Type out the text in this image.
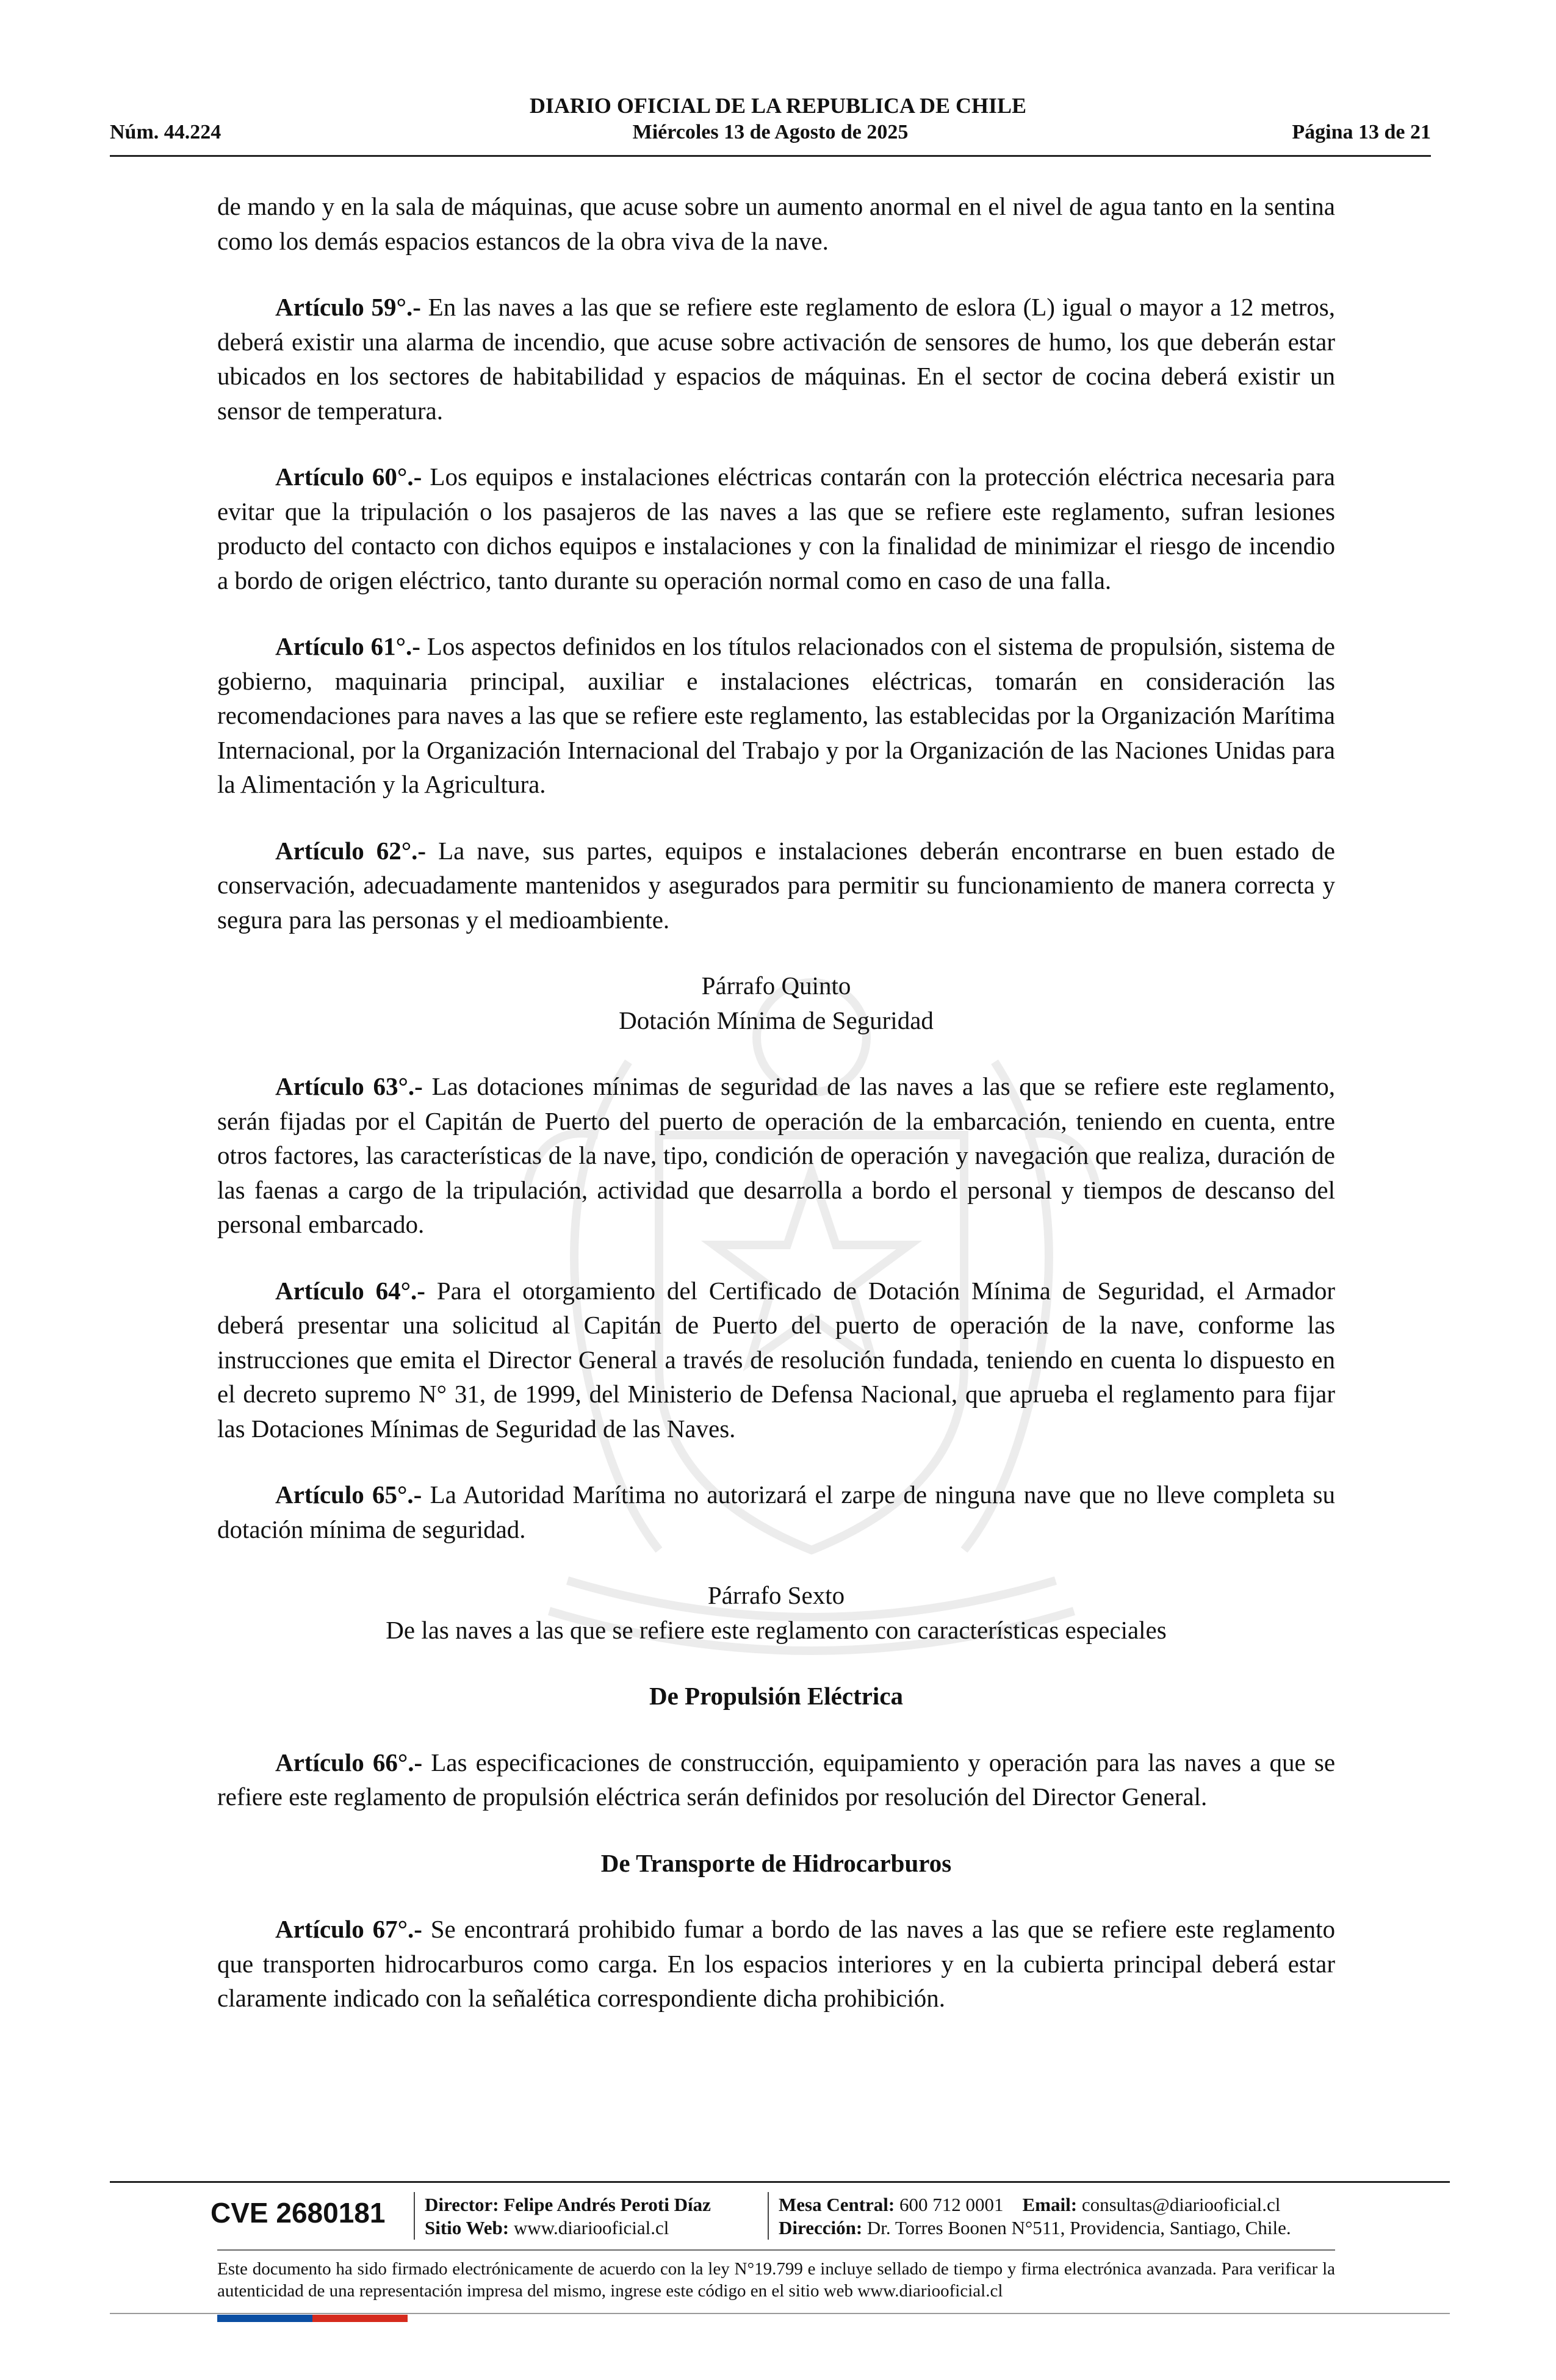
DIARIO OFICIAL DE LA REPUBLICA DE CHILE
Miércoles 13 de Agosto de 2025
Núm. 44.224	Página 13 de 21

de mando y en la sala de máquinas, que acuse sobre un aumento anormal en el nivel de agua tanto en la sentina como los demás espacios estancos de la obra viva de la nave.

Artículo 59°.- En las naves a las que se refiere este reglamento de eslora (L) igual o mayor a 12 metros, deberá existir una alarma de incendio, que acuse sobre activación de sensores de humo, los que deberán estar ubicados en los sectores de habitabilidad y espacios de máquinas. En el sector de cocina deberá existir un sensor de temperatura.

Artículo 60°.- Los equipos e instalaciones eléctricas contarán con la protección eléctrica necesaria para evitar que la tripulación o los pasajeros de las naves a las que se refiere este reglamento, sufran lesiones producto del contacto con dichos equipos e instalaciones y con la finalidad de minimizar el riesgo de incendio a bordo de origen eléctrico, tanto durante su operación normal como en caso de una falla.

Artículo 61°.- Los aspectos definidos en los títulos relacionados con el sistema de propulsión, sistema de gobierno, maquinaria principal, auxiliar e instalaciones eléctricas, tomarán en consideración las recomendaciones para naves a las que se refiere este reglamento, las establecidas por la Organización Marítima Internacional, por la Organización Internacional del Trabajo y por la Organización de las Naciones Unidas para la Alimentación y la Agricultura.

Artículo 62°.- La nave, sus partes, equipos e instalaciones deberán encontrarse en buen estado de conservación, adecuadamente mantenidos y asegurados para permitir su funcionamiento de manera correcta y segura para las personas y el medioambiente.

Párrafo Quinto
Dotación Mínima de Seguridad

Artículo 63°.- Las dotaciones mínimas de seguridad de las naves a las que se refiere este reglamento, serán fijadas por el Capitán de Puerto del puerto de operación de la embarcación, teniendo en cuenta, entre otros factores, las características de la nave, tipo, condición de operación y navegación que realiza, duración de las faenas a cargo de la tripulación, actividad que desarrolla a bordo el personal y tiempos de descanso del personal embarcado.

Artículo 64°.- Para el otorgamiento del Certificado de Dotación Mínima de Seguridad, el Armador deberá presentar una solicitud al Capitán de Puerto del puerto de operación de la nave, conforme las instrucciones que emita el Director General a través de resolución fundada, teniendo en cuenta lo dispuesto en el decreto supremo N° 31, de 1999, del Ministerio de Defensa Nacional, que aprueba el reglamento para fijar las Dotaciones Mínimas de Seguridad de las Naves.

Artículo 65°.- La Autoridad Marítima no autorizará el zarpe de ninguna nave que no lleve completa su dotación mínima de seguridad.

Párrafo Sexto
De las naves a las que se refiere este reglamento con características especiales
De Propulsión Eléctrica

Artículo 66°.- Las especificaciones de construcción, equipamiento y operación para las naves a que se refiere este reglamento de propulsión eléctrica serán definidos por resolución del Director General.

De Transporte de Hidrocarburos

Artículo 67°.- Se encontrará prohibido fumar a bordo de las naves a las que se refiere este reglamento que transporten hidrocarburos como carga. En los espacios interiores y en la cubierta principal deberá estar claramente indicado con la señalética correspondiente dicha prohibición.

CVE 2680181	Director: Felipe Andrés Peroti Díaz
Sitio Web: www.diariooficial.cl
Mesa Central: 600 712 0001 Email: consultas@diariooficial.cl
Dirección: Dr. Torres Boonen N°511, Providencia, Santiago, Chile.
Este documento ha sido firmado electrónicamente de acuerdo con la ley N°19.799 e incluye sellado de tiempo y firma electrónica avanzada. Para verificar la autenticidad de una representación impresa del mismo, ingrese este código en el sitio web www.diariooficial.cl
